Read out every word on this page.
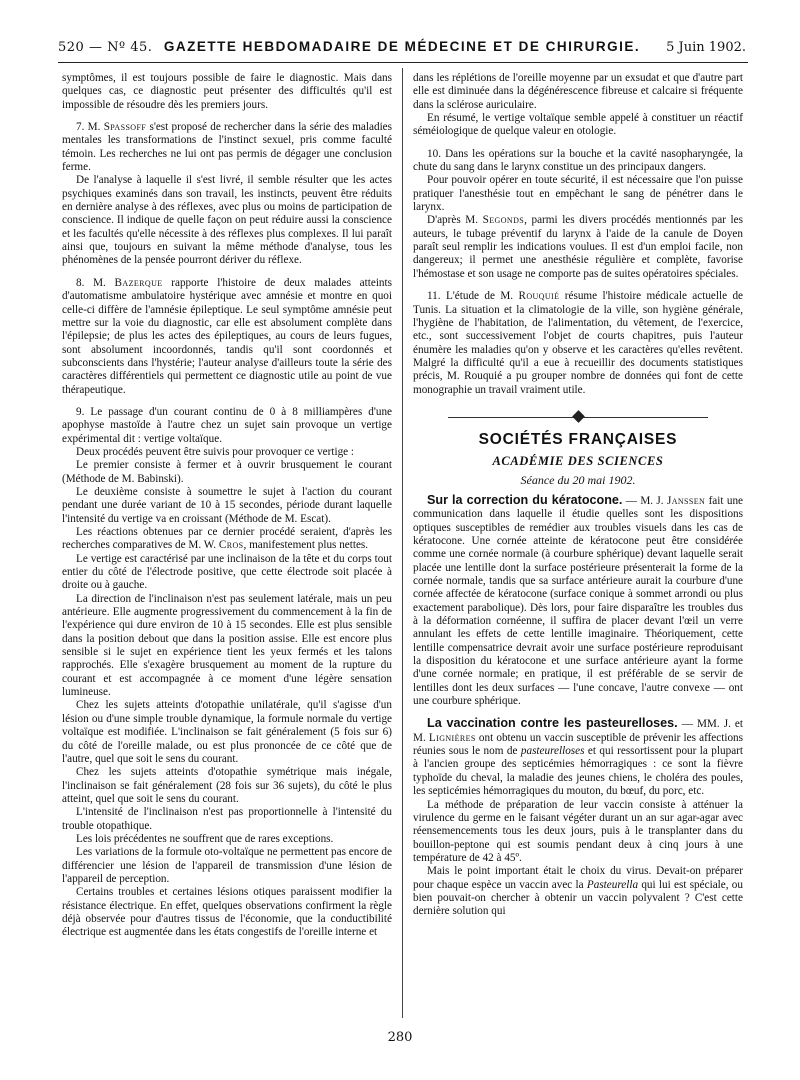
520 — Nº 45. GAZETTE HEBDOMADAIRE DE MÉDECINE ET DE CHIRURGIE.	5 Juin 1902.

symptômes, il est toujours possible de faire le diagnostic. Mais dans quelques cas, ce diagnostic peut présenter des difficultés qu'il est impossible de résoudre dès les premiers jours.

7. M. Spassoff s'est proposé de rechercher dans la série des maladies mentales les transformations de l'instinct sexuel, pris comme faculté témoin. Les recherches ne lui ont pas permis de dégager une conclusion ferme.

De l'analyse à laquelle il s'est livré, il semble résulter que les actes psychiques examinés dans son travail, les instincts, peuvent être réduits en dernière analyse à des réflexes, avec plus ou moins de participation de conscience. Il indique de quelle façon on peut réduire aussi la conscience et les facultés qu'elle nécessite à des réflexes plus complexes. Il lui paraît ainsi que, toujours en suivant la même méthode d'analyse, tous les phénomènes de la pensée pourront dériver du réflexe.

8. M. Bazerque rapporte l'histoire de deux malades atteints d'automatisme ambulatoire hystérique avec amnésie et montre en quoi celle-ci diffère de l'amnésie épileptique. Le seul symptôme amnésie peut mettre sur la voie du diagnostic, car elle est absolument complète dans l'épilepsie; de plus les actes des épileptiques, au cours de leurs fugues, sont absolument incoordonnés, tandis qu'il sont coordonnés et subconscients dans l'hystérie; l'auteur analyse d'ailleurs toute la série des caractères différentiels qui permettent ce diagnostic utile au point de vue thérapeutique.

9. Le passage d'un courant continu de 0 à 8 milliampères d'une apophyse mastoïde à l'autre chez un sujet sain provoque un vertige expérimental dit : vertige voltaïque.

Deux procédés peuvent être suivis pour provoquer ce vertige :

Le premier consiste à fermer et à ouvrir brusquement le courant (Méthode de M. Babinski).

Le deuxième consiste à soumettre le sujet à l'action du courant pendant une durée variant de 10 à 15 secondes, période durant laquelle l'intensité du vertige va en croissant (Méthode de M. Escat).

Les réactions obtenues par ce dernier procédé seraient, d'après les recherches comparatives de M. W. Cros, manifestement plus nettes.

Le vertige est caractérisé par une inclinaison de la tête et du corps tout entier du côté de l'électrode positive, que cette électrode soit placée à droite ou à gauche.

La direction de l'inclinaison n'est pas seulement latérale, mais un peu antérieure. Elle augmente progressivement du commencement à la fin de l'expérience qui dure environ de 10 à 15 secondes. Elle est plus sensible dans la position debout que dans la position assise. Elle est encore plus sensible si le sujet en expérience tient les yeux fermés et les talons rapprochés. Elle s'exagère brusquement au moment de la rupture du courant et est accompagnée à ce moment d'une légère sensation lumineuse.

Chez les sujets atteints d'otopathie unilatérale, qu'il s'agisse d'un lésion ou d'une simple trouble dynamique, la formule normale du vertige voltaïque est modifiée. L'inclinaison se fait généralement (5 fois sur 6) du côté de l'oreille malade, ou est plus prononcée de ce côté que de l'autre, quel que soit le sens du courant.

Chez les sujets atteints d'otopathie symétrique mais inégale, l'inclinaison se fait généralement (28 fois sur 36 sujets), du côté le plus atteint, quel que soit le sens du courant.

L'intensité de l'inclinaison n'est pas proportionnelle à l'intensité du trouble otopathique.

Les lois précédentes ne souffrent que de rares exceptions.

Les variations de la formule oto-voltaïque ne permettent pas encore de différencier une lésion de l'appareil de transmission d'une lésion de l'appareil de perception.

Certains troubles et certaines lésions otiques paraissent modifier la résistance électrique. En effet, quelques observations confirment la règle déjà observée pour d'autres tissus de l'économie, que la conductibilité électrique est augmentée dans les états congestifs de l'oreille interne et

dans les réplétions de l'oreille moyenne par un exsudat et que d'autre part elle est diminuée dans la dégénérescence fibreuse et calcaire si fréquente dans la sclérose auriculaire.

En résumé, le vertige voltaïque semble appelé à constituer un réactif séméiologique de quelque valeur en otologie.

10. Dans les opérations sur la bouche et la cavité nasopharyngée, la chute du sang dans le larynx constitue un des principaux dangers.

Pour pouvoir opérer en toute sécurité, il est nécessaire que l'on puisse pratiquer l'anesthésie tout en empêchant le sang de pénétrer dans le larynx.

D'après M. Segonds, parmi les divers procédés mentionnés par les auteurs, le tubage préventif du larynx à l'aide de la canule de Doyen paraît seul remplir les indications voulues. Il est d'un emploi facile, non dangereux; il permet une anesthésie régulière et complète, favorise l'hémostase et son usage ne comporte pas de suites opératoires spéciales.

11. L'étude de M. Rouquié résume l'histoire médicale actuelle de Tunis. La situation et la climatologie de la ville, son hygiène générale, l'hygiène de l'habitation, de l'alimentation, du vêtement, de l'exercice, etc., sont successivement l'objet de courts chapitres, puis l'auteur énumère les maladies qu'on y observe et les caractères qu'elles revêtent. Malgré la difficulté qu'il a eue à recueillir des documents statistiques précis, M. Rouquié a pu grouper nombre de données qui font de cette monographie un travail vraiment utile.

SOCIÉTÉS FRANÇAISES
ACADÉMIE DES SCIENCES
Séance du 20 mai 1902.

Sur la correction du kératocone. — M. J. Janssen fait une communication dans laquelle il étudie quelles sont les dispositions optiques susceptibles de remédier aux troubles visuels dans les cas de kératocone. Une cornée atteinte de kératocone peut être considérée comme une cornée normale (à courbure sphérique) devant laquelle serait placée une lentille dont la surface postérieure présenterait la forme de la cornée normale, tandis que sa surface antérieure aurait la courbure d'une cornée affectée de kératocone (surface conique à sommet arrondi ou plus exactement parabolique). Dès lors, pour faire disparaître les troubles dus à la déformation cornéenne, il suffira de placer devant l'œil un verre annulant les effets de cette lentille imaginaire. Théoriquement, cette lentille compensatrice devrait avoir une surface postérieure reproduisant la disposition du kératocone et une surface antérieure ayant la forme d'une cornée normale; en pratique, il est préférable de se servir de lentilles dont les deux surfaces — l'une concave, l'autre convexe — ont une courbure sphérique.

La vaccination contre les pasteurelloses. — MM. J. et M. Lignières ont obtenu un vaccin susceptible de prévenir les affections réunies sous le nom de pasteurelloses et qui ressortissent pour la plupart à l'ancien groupe des septicémies hémorragiques : ce sont la fièvre typhoïde du cheval, la maladie des jeunes chiens, le choléra des poules, les septicémies hémorragiques du mouton, du bœuf, du porc, etc.

La méthode de préparation de leur vaccin consiste à atténuer la virulence du germe en le faisant végéter durant un an sur agar-agar avec réensemencements tous les deux jours, puis à le transplanter dans du bouillon-peptone qui est soumis pendant deux à cinq jours à une température de 42 à 45º.

Mais le point important était le choix du virus. Devait-on préparer pour chaque espèce un vaccin avec la Pasteurella qui lui est spéciale, ou bien pouvait-on chercher à obtenir un vaccin polyvalent ? C'est cette dernière solution qui

280
